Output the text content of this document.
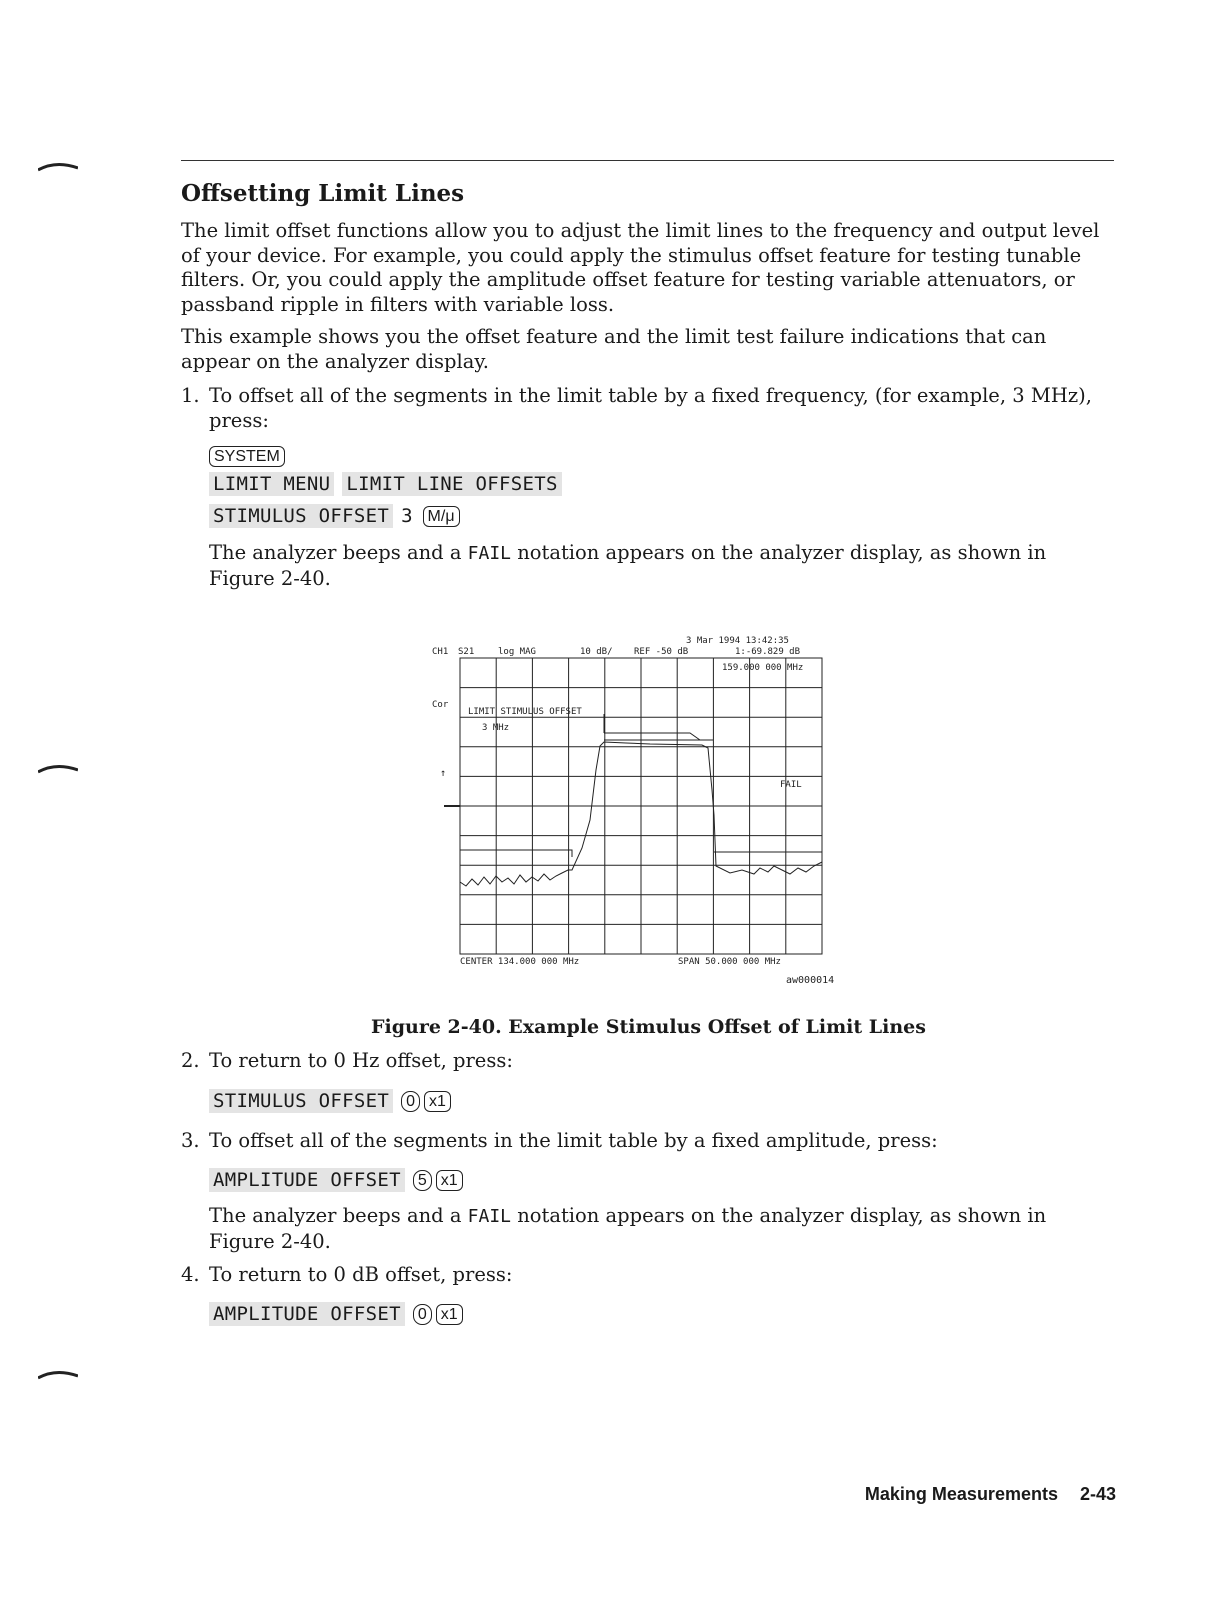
Offsetting Limit Lines

The limit offset functions allow you to adjust the limit lines to the frequency and output level of your device. For example, you could apply the stimulus offset feature for testing tunable filters. Or, you could apply the amplitude offset feature for testing variable attenuators, or passband ripple in filters with variable loss.

This example shows you the offset feature and the limit test failure indications that can appear on the analyzer display.

1. To offset all of the segments in the limit table by a fixed frequency, (for example, 3 MHz), press:
SYSTEM
LIMIT MENU LIMIT LINE OFFSETS
STIMULUS OFFSET 3 M/μ

The analyzer beeps and a FAIL notation appears on the analyzer display, as shown in Figure 2-40.

3 Mar 1994 13:42:35
CH1 S21	log MAG	10 dB/ REF -50 dB	1:-69.829 dB
159.000 000 MHz
Cor
LIMIT STIMULUS OFFSET
3 MHz
FAIL
CENTER 134.000 000 MHz	SPAN 50.000 000 MHz
aw000014
↑

Figure 2-40. Example Stimulus Offset of Limit Lines

2. To return to 0 Hz offset, press:
STIMULUS OFFSET	0 x1
3. To offset all of the segments in the limit table by a fixed amplitude, press:
AMPLITUDE OFFSET	5 x1

The analyzer beeps and a FAIL notation appears on the analyzer display, as shown in Figure 2-40.

4. To return to 0 dB offset, press:
AMPLITUDE OFFSET	0 x1
Making Measurements 2-43
